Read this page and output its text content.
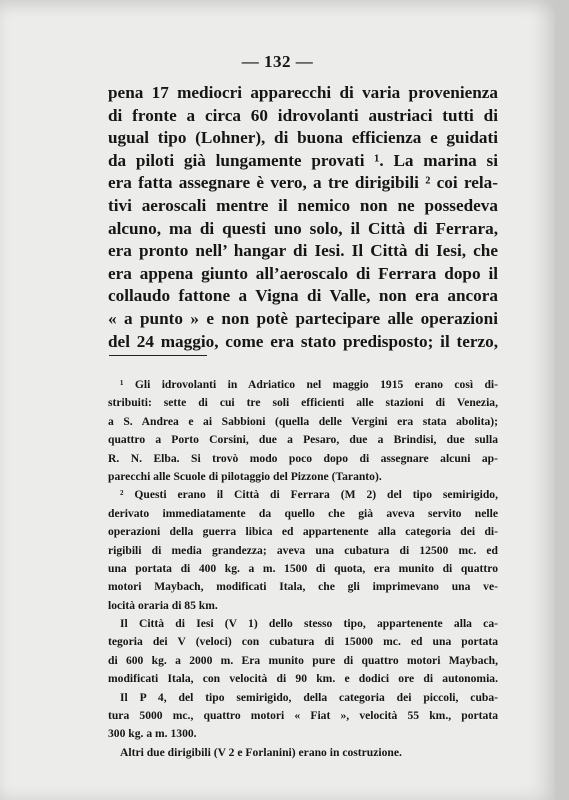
— 132 —
pena 17 mediocri apparecchi di varia provenienza
di fronte a circa 60 idrovolanti austriaci tutti di
ugual tipo (Lohner), di buona efficienza e guidati
da piloti già lungamente provati ¹. La marina si
era fatta assegnare è vero, a tre dirigibili ² coi rela-
tivi aeroscali mentre il nemico non ne possedeva
alcuno, ma di questi uno solo, il Città di Ferrara,
era pronto nell’ hangar di Iesi. Il Città di Iesi, che
era appena giunto all’aeroscalo di Ferrara dopo il
collaudo fattone a Vigna di Valle, non era ancora
« a punto » e non potè partecipare alle operazioni
del 24 maggio, come era stato predisposto; il terzo,
¹ Gli idrovolanti in Adriatico nel maggio 1915 erano così di-
stribuiti: sette di cui tre soli efficienti alle stazioni di Venezia,
a S. Andrea e ai Sabbioni (quella delle Vergini era stata abolita);
quattro a Porto Corsini, due a Pesaro, due a Brindisi, due sulla
R. N. Elba. Si trovò modo poco dopo di assegnare alcuni ap-
parecchi alle Scuole di pilotaggio del Pizzone (Taranto).
² Questi erano il Città di Ferrara (M 2) del tipo semirigido,
derivato immediatamente da quello che già aveva servito nelle
operazioni della guerra libica ed appartenente alla categoria dei di-
rigibili di media grandezza; aveva una cubatura di 12500 mc. ed
una portata di 400 kg. a m. 1500 di quota, era munito di quattro
motori Maybach, modificati Itala, che gli imprimevano una ve-
locità oraria di 85 km.
Il Città di Iesi (V 1) dello stesso tipo, appartenente alla ca-
tegoria dei V (veloci) con cubatura di 15000 mc. ed una portata
di 600 kg. a 2000 m. Era munito pure di quattro motori Maybach,
modificati Itala, con velocità di 90 km. e dodici ore di autonomia.
Il P 4, del tipo semirigido, della categoria dei piccoli, cuba-
tura 5000 mc., quattro motori « Fiat », velocità 55 km., portata
300 kg. a m. 1300.
Altri due dirigibili (V 2 e Forlanini) erano in costruzione.
